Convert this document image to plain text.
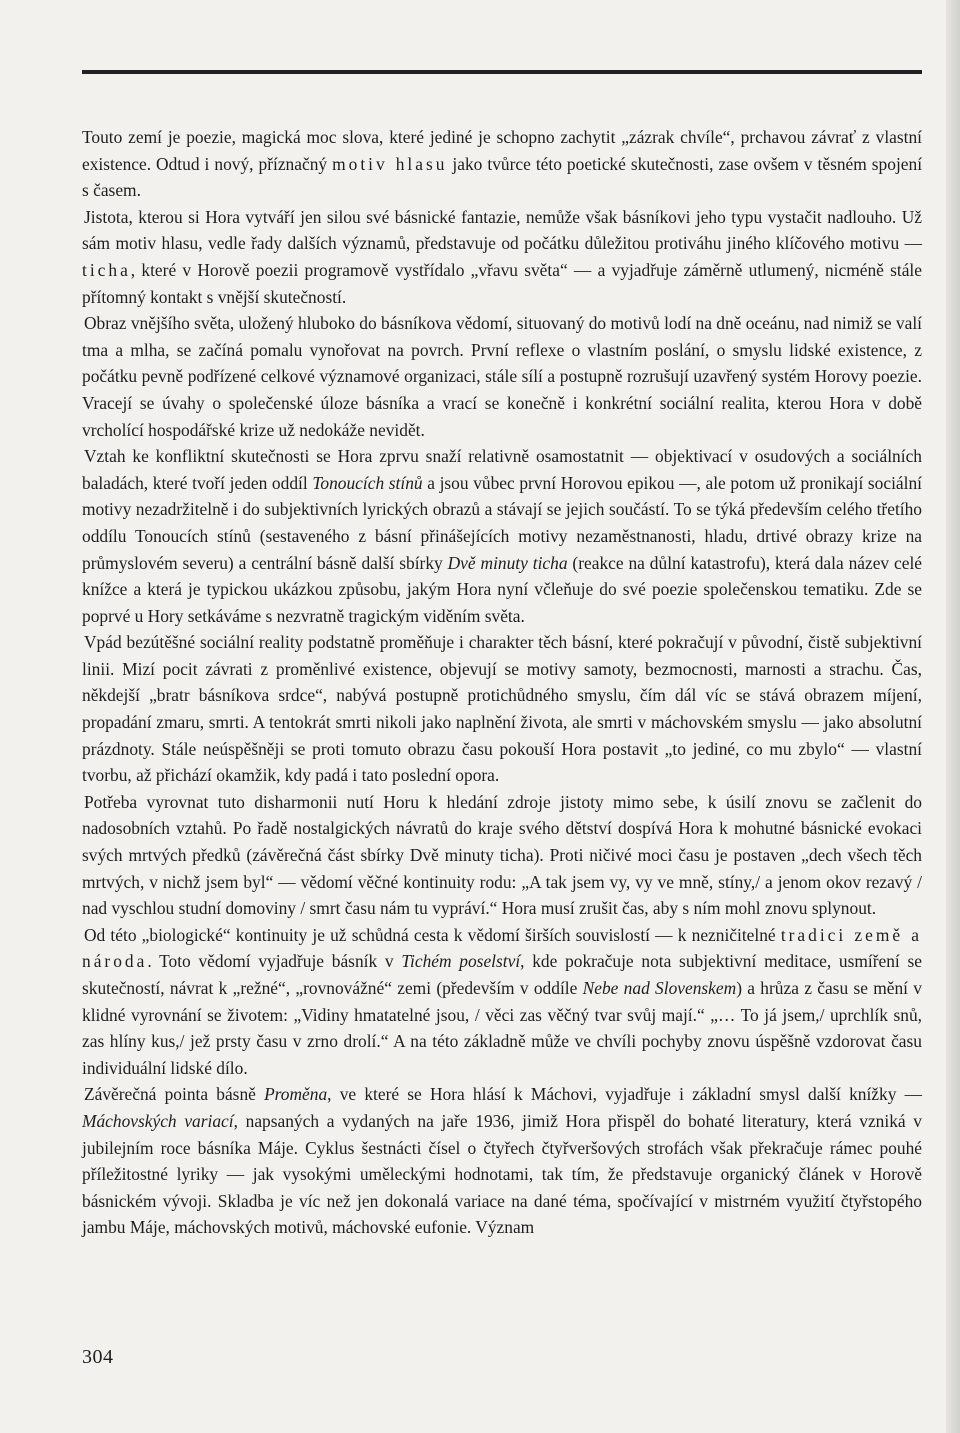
Touto zemí je poezie, magická moc slova, které jediné je schopno zachytit „zázrak chvíle“, prchavou závrať z vlastní existence. Odtud i nový, příznačný motiv hlasu jako tvůrce této poetické skutečnosti, zase ovšem v těsném spojení s časem.

Jistota, kterou si Hora vytváří jen silou své básnické fantazie, nemůže však básníkovi jeho typu vystačit nadlouho. Už sám motiv hlasu, vedle řady dalších významů, představuje od počátku důležitou protiváhu jiného klíčového motivu — ticha, které v Horově poezii programově vystřídalo „vřavu světa“ — a vyjadřuje záměrně utlumený, nicméně stále přítomný kontakt s vnější skutečností.

Obraz vnějšího světa, uložený hluboko do básníkova vědomí, situovaný do motivů lodí na dně oceánu, nad nimiž se valí tma a mlha, se začíná pomalu vynořovat na povrch. První reflexe o vlastním poslání, o smyslu lidské existence, z počátku pevně podřízené celkové významové organizaci, stále sílí a postupně rozrušují uzavřený systém Horovy poezie. Vracejí se úvahy o společenské úloze básníka a vrací se konečně i konkrétní sociální realita, kterou Hora v době vrcholící hospodářské krize už nedokáže nevidět.

Vztah ke konfliktní skutečnosti se Hora zprvu snaží relativně osamostatnit — objektivací v osudových a sociálních baladách, které tvoří jeden oddíl Tonoucích stínů a jsou vůbec první Horovou epikou —, ale potom už pronikají sociální motivy nezadržitelně i do subjektivních lyrických obrazů a stávají se jejich součástí. To se týká především celého třetího oddílu Tonoucích stínů (sestaveného z básní přinášejících motivy nezaměstnanosti, hladu, drtivé obrazy krize na průmyslovém severu) a centrální básně další sbírky Dvě minuty ticha (reakce na důlní katastrofu), která dala název celé knížce a která je typickou ukázkou způsobu, jakým Hora nyní včleňuje do své poezie společenskou tematiku. Zde se poprvé u Hory setkáváme s nezvratně tragickým viděním světa.

Vpád bezútěšné sociální reality podstatně proměňuje i charakter těch básní, které pokračují v původní, čistě subjektivní linii. Mizí pocit závrati z proměnlivé existence, objevují se motivy samoty, bezmocnosti, marnosti a strachu. Čas, někdejší „bratr básníkova srdce“, nabývá postupně protichůdného smyslu, čím dál víc se stává obrazem míjení, propadání zmaru, smrti. A tentokrát smrti nikoli jako naplnění života, ale smrti v máchovském smyslu — jako absolutní prázdnoty. Stále neúspěšněji se proti tomuto obrazu času pokouší Hora postavit „to jediné, co mu zbylo“ — vlastní tvorbu, až přichází okamžik, kdy padá i tato poslední opora.

Potřeba vyrovnat tuto disharmonii nutí Horu k hledání zdroje jistoty mimo sebe, k úsilí znovu se začlenit do nadosobních vztahů. Po řadě nostalgických návratů do kraje svého dětství dospívá Hora k mohutné básnické evokaci svých mrtvých předků (závěrečná část sbírky Dvě minuty ticha). Proti ničivé moci času je postaven „dech všech těch mrtvých, v nichž jsem byl“ — vědomí věčné kontinuity rodu: „A tak jsem vy, vy ve mně, stíny,/ a jenom okov rezavý / nad vyschlou studní domoviny / smrt času nám tu vypráví.“ Hora musí zrušit čas, aby s ním mohl znovu splynout.

Od této „biologické“ kontinuity je už schůdná cesta k vědomí širších souvislostí — k nezničitelné tradici země a národa. Toto vědomí vyjadřuje básník v Tichém poselství, kde pokračuje nota subjektivní meditace, usmíření se skutečností, návrat k „režné“, „rovnovážné“ zemi (především v oddíle Nebe nad Slovenskem) a hrůza z času se mění v klidné vyrovnání se životem: „Vidiny hmatatelné jsou, / věci zas věčný tvar svůj mají.“ „… To já jsem,/ uprchlík snů, zas hlíny kus,/ jež prsty času v zrno drolí.“ A na této základně může ve chvíli pochyby znovu úspěšně vzdorovat času individuální lidské dílo.

Závěrečná pointa básně Proměna, ve které se Hora hlásí k Máchovi, vyjadřuje i základní smysl další knížky — Máchovských variací, napsaných a vydaných na jaře 1936, jimiž Hora přispěl do bohaté literatury, která vzniká v jubilejním roce básníka Máje. Cyklus šestnácti čísel o čtyřech čtyřveršových strofách však překračuje rámec pouhé příležitostné lyriky — jak vysokými uměleckými hodnotami, tak tím, že představuje organický článek v Horově básnickém vývoji. Skladba je víc než jen dokonalá variace na dané téma, spočívající v mistrném využití čtyřstopého jambu Máje, máchovských motivů, máchovské eufonie. Význam

304
